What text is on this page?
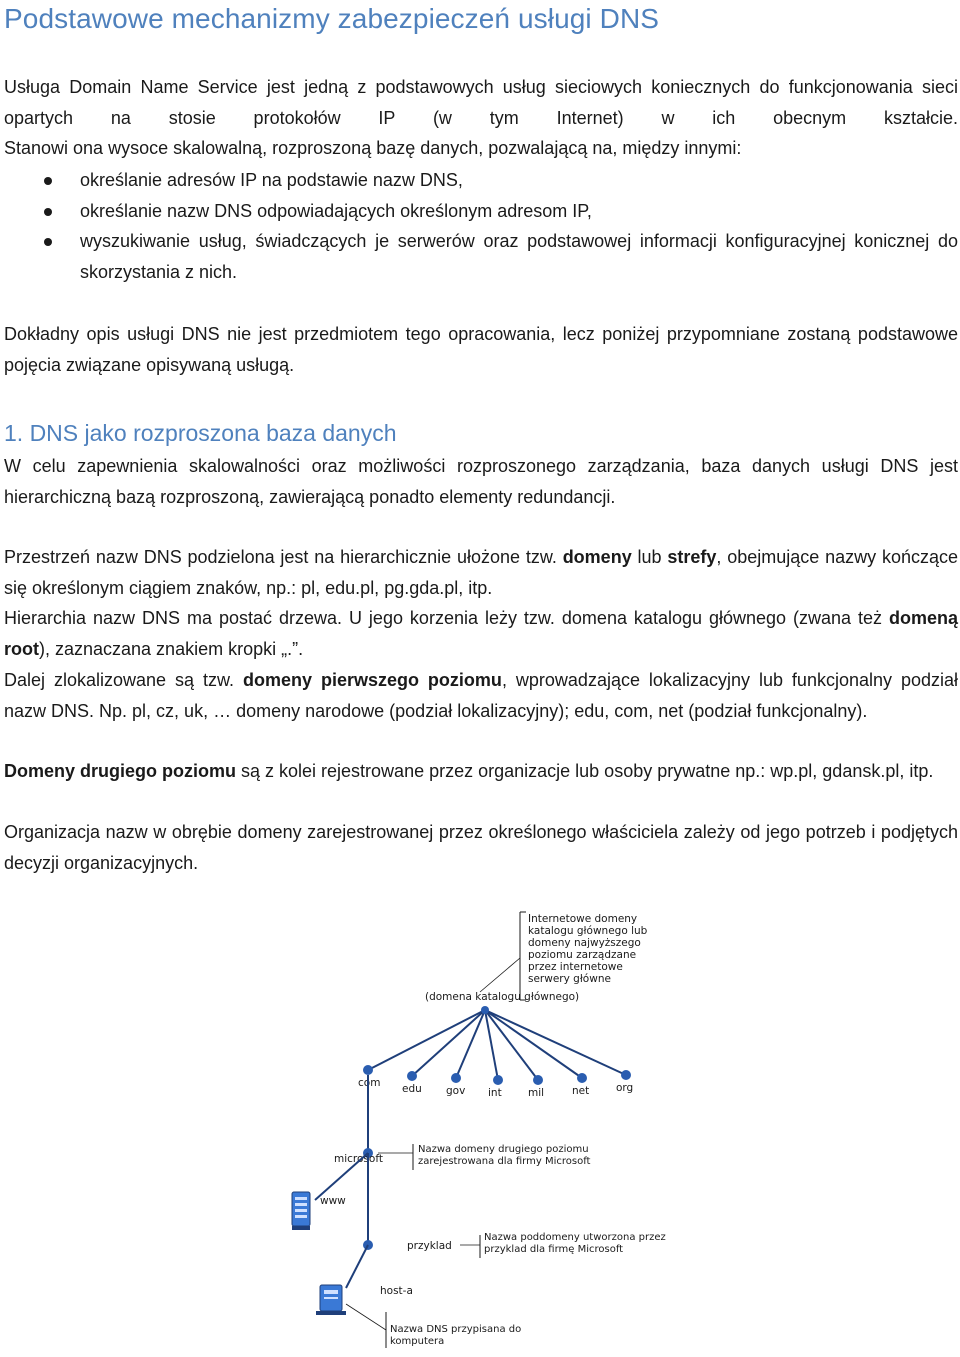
Podstawowe mechanizmy zabezpieczeń usługi DNS

Usługa Domain Name Service jest jedną z podstawowych usług sieciowych koniecznych do funkcjonowania sieci opartych na stosie protokołów IP (w tym Internet) w ich obecnym kształcie.

Stanowi ona wysoce skalowalną, rozproszoną bazę danych, pozwalającą na, między innymi:

określanie adresów IP na podstawie nazw DNS,
określanie nazw DNS odpowiadających określonym adresom IP,
wyszukiwanie usług, świadczących je serwerów oraz podstawowej informacji konfiguracyjnej konicznej do skorzystania z nich.

Dokładny opis usługi DNS nie jest przedmiotem tego opracowania, lecz poniżej przypomniane zostaną podstawowe pojęcia związane opisywaną usługą.

1. DNS jako rozproszona baza danych

W celu zapewnienia skalowalności oraz możliwości rozproszonego zarządzania, baza danych usługi DNS jest hierarchiczną bazą rozproszoną, zawierającą ponadto elementy redundancji.

Przestrzeń nazw DNS podzielona jest na hierarchicznie ułożone tzw. domeny lub strefy, obejmujące nazwy kończące się określonym ciągiem znaków, np.: pl, edu.pl, pg.gda.pl, itp.

Hierarchia nazw DNS ma postać drzewa. U jego korzenia leży tzw. domena katalogu głównego (zwana też domeną root), zaznaczana znakiem kropki „.”.

Dalej zlokalizowane są tzw. domeny pierwszego poziomu, wprowadzające lokalizacyjny lub funkcjonalny podział nazw DNS. Np. pl, cz, uk, … domeny narodowe (podział lokalizacyjny); edu, com, net (podział funkcjonalny).

Domeny drugiego poziomu są z kolei rejestrowane przez organizacje lub osoby prywatne np.: wp.pl, gdansk.pl, itp.

Organizacja nazw w obrębie domeny zarejestrowanej przez określonego właściciela zależy od jego potrzeb i podjętych decyzji organizacyjnych.

Internetowe domeny katalogu głównego lub domeny najwyższego poziomu zarządzane przez internetowe serwery główne
(domena katalogu głównego)
com edu gov int	mil	net	org
microsoft
Nazwa domeny drugiego poziomu zarejestrowana dla firmy Microsoft
www
przyklad
Nazwa poddomeny utworzona przez przyklad dla firmę Microsoft
host-a
Nazwa DNS przypisana do komputera
